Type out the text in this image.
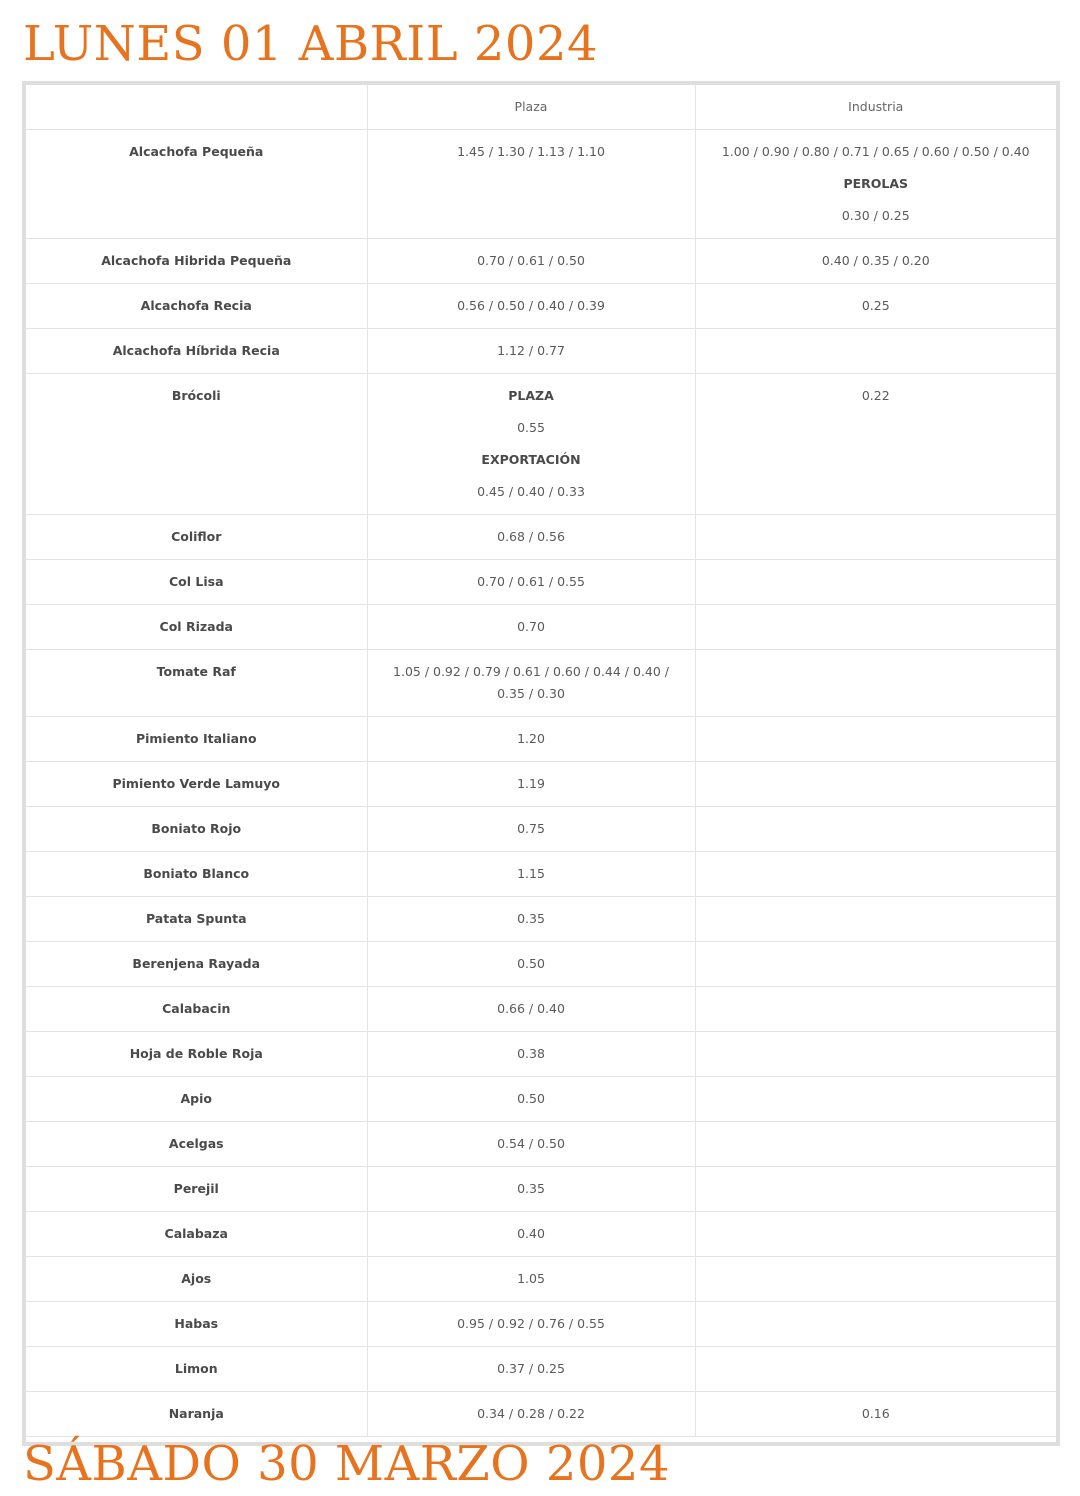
LUNES 01 ABRIL 2024
	Plaza	Industria
Alcachofa Pequeña	1.45 / 1.30 / 1.13 / 1.10	1.00 / 0.90 / 0.80 / 0.71 / 0.65 / 0.60 / 0.50 / 0.40
PEROLAS
0.30 / 0.25

Alcachofa Hibrida Pequeña	0.70 / 0.61 / 0.50	0.40 / 0.35 / 0.20
Alcachofa Recia	0.56 / 0.50 / 0.40 / 0.39	0.25
Alcachofa Híbrida Recia	1.12 / 0.77	
Brócoli	PLAZA
0.55
EXPORTACIÓN
0.45 / 0.40 / 0.33	0.22
Coliflor	0.68 / 0.56	
Col Lisa	0.70 / 0.61 / 0.55	
Col Rizada	0.70	
Tomate Raf	1.05 / 0.92 / 0.79 / 0.61 / 0.60 / 0.44 / 0.40 / 0.35 / 0.30	
Pimiento Italiano	1.20	
Pimiento Verde Lamuyo	1.19	
Boniato Rojo	0.75	
Boniato Blanco	1.15	
Patata Spunta	0.35	
Berenjena Rayada	0.50	
Calabacin	0.66 / 0.40	
Hoja de Roble Roja	0.38	
Apio	0.50	
Acelgas	0.54 / 0.50	
Perejil	0.35	
Calabaza	0.40	
Ajos	1.05	
Habas	0.95 / 0.92 / 0.76 / 0.55	
Limon	0.37 / 0.25	
Naranja	0.34 / 0.28 / 0.22	0.16
SÁBADO 30 MARZO 2024
